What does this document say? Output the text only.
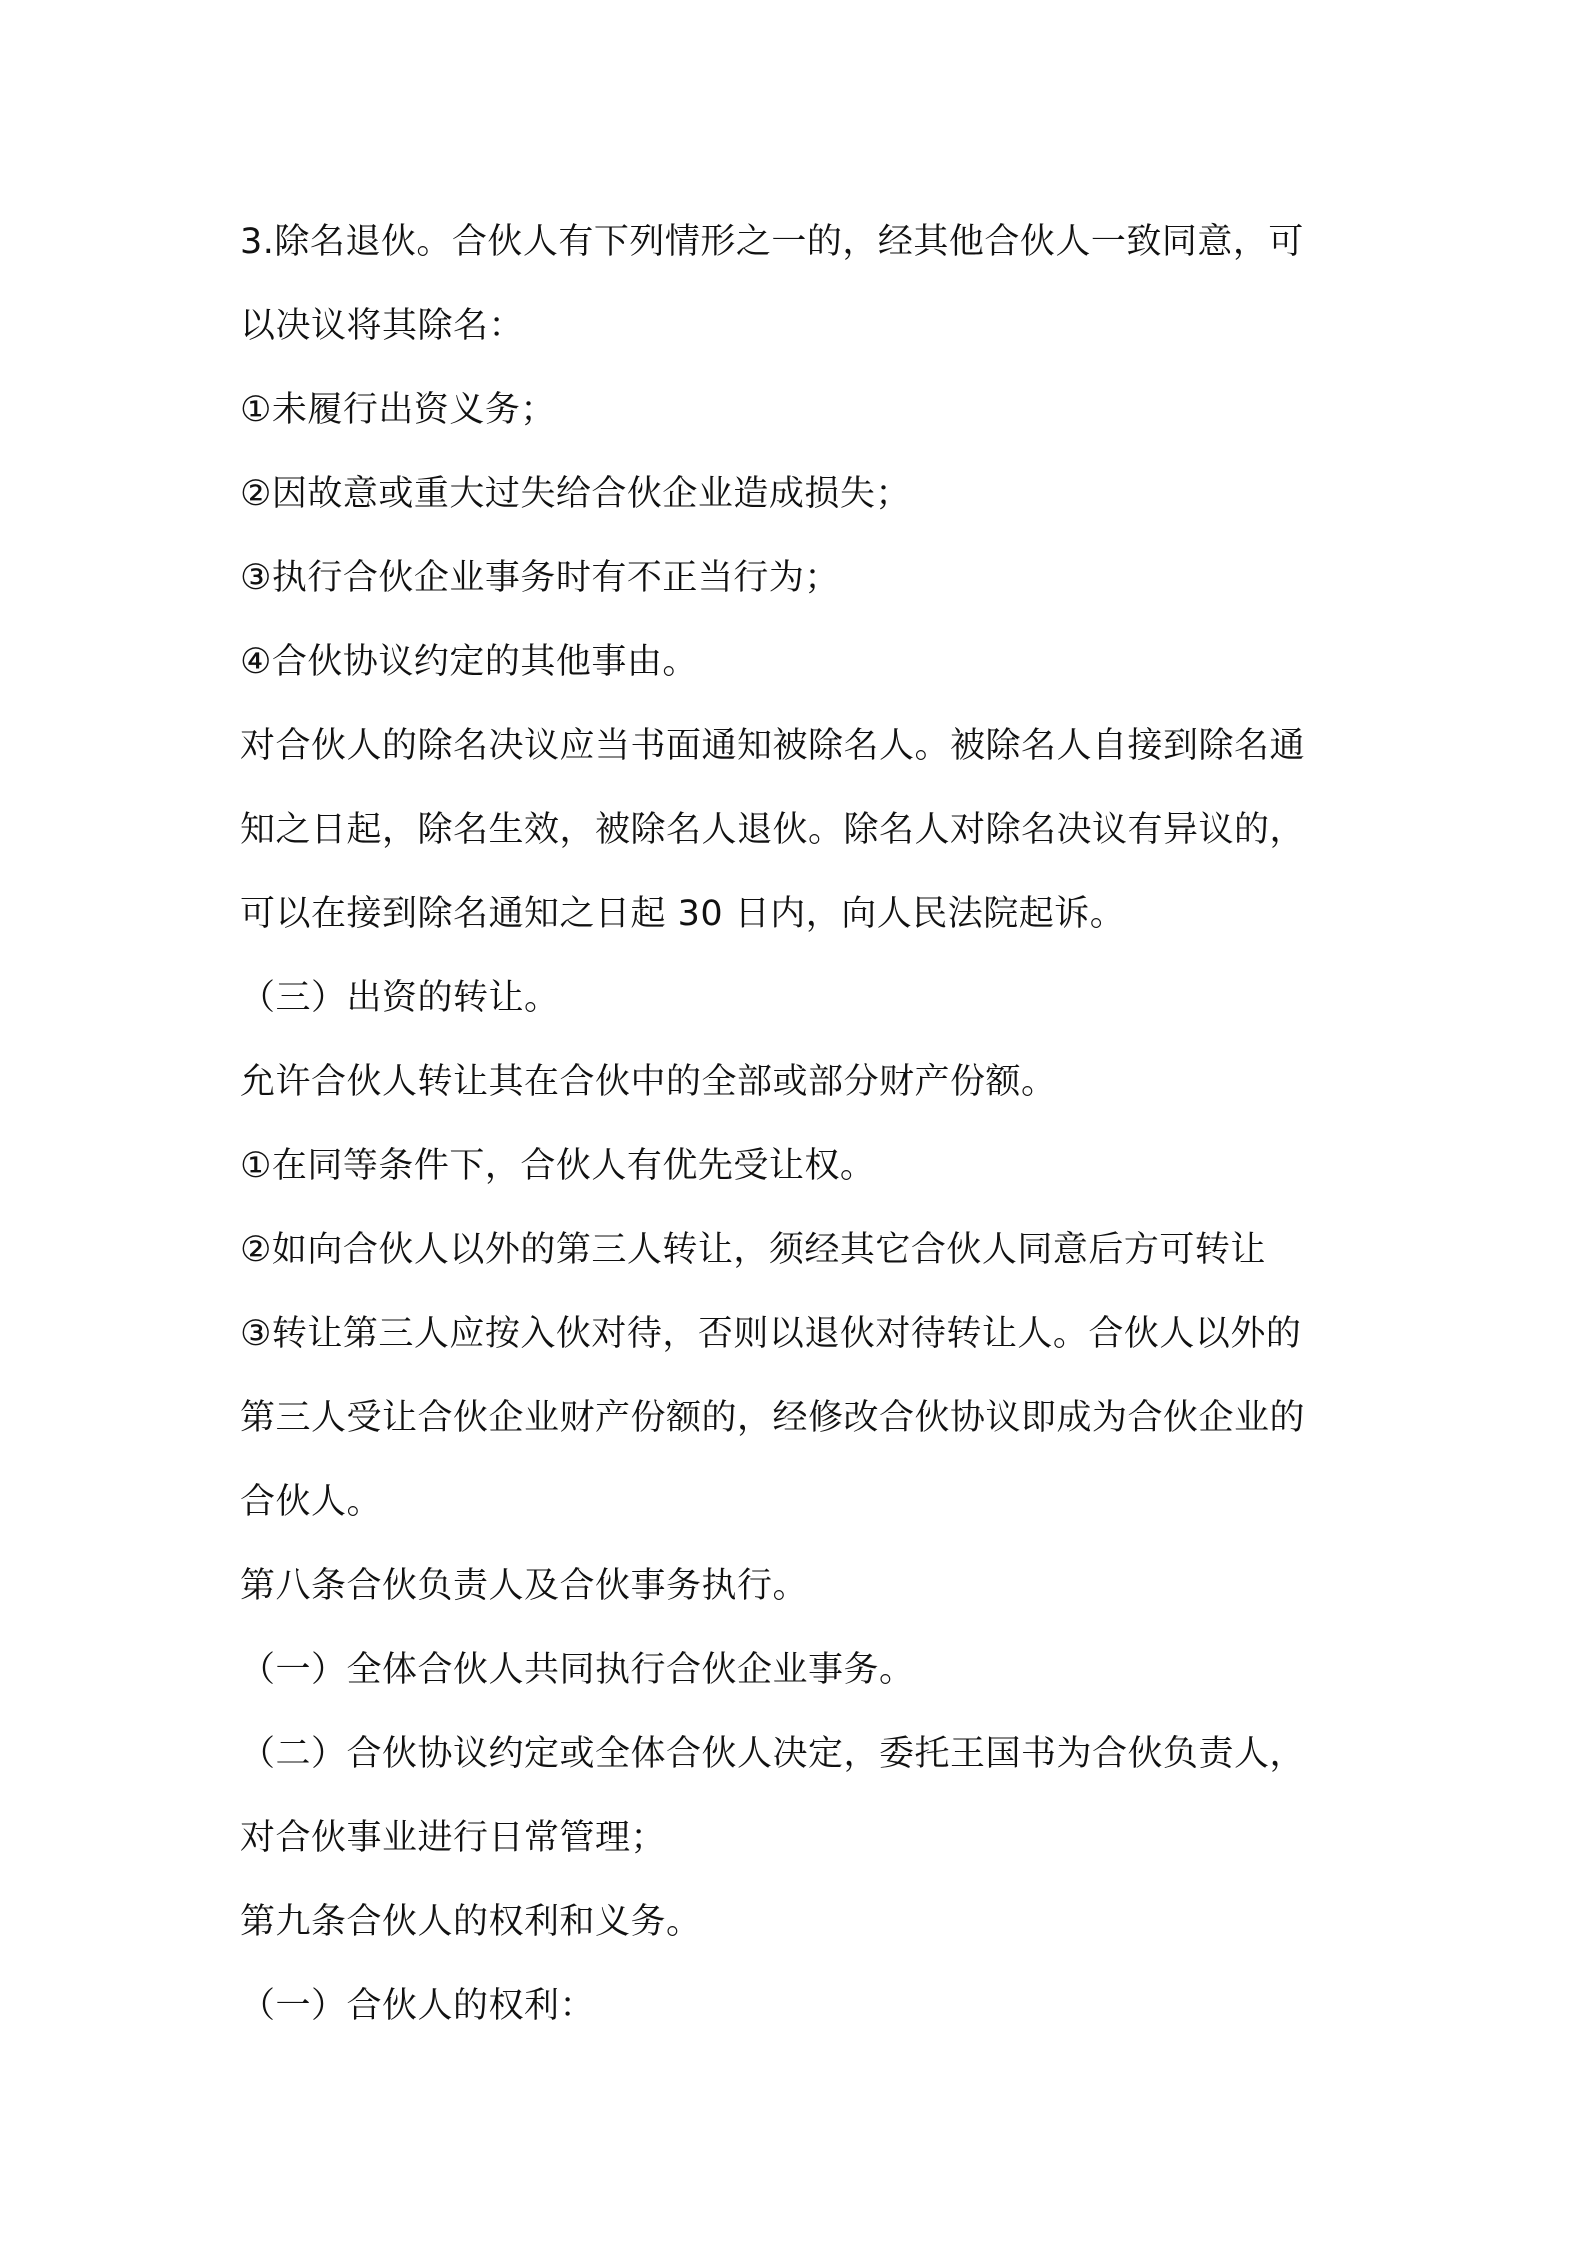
3.除名退伙。合伙人有下列情形之一的，经其他合伙人一致同意，可

以决议将其除名：

①未履行出资义务；

②因故意或重大过失给合伙企业造成损失；

③执行合伙企业事务时有不正当行为；

④合伙协议约定的其他事由。

对合伙人的除名决议应当书面通知被除名人。被除名人自接到除名通

知之日起，除名生效，被除名人退伙。除名人对除名决议有异议的，

可以在接到除名通知之日起 30 日内，向人民法院起诉。

（三）出资的转让。

允许合伙人转让其在合伙中的全部或部分财产份额。

①在同等条件下，合伙人有优先受让权。

②如向合伙人以外的第三人转让，须经其它合伙人同意后方可转让

③转让第三人应按入伙对待，否则以退伙对待转让人。合伙人以外的

第三人受让合伙企业财产份额的，经修改合伙协议即成为合伙企业的

合伙人。

第八条合伙负责人及合伙事务执行。

（一）全体合伙人共同执行合伙企业事务。

（二）合伙协议约定或全体合伙人决定，委托王国书为合伙负责人，

对合伙事业进行日常管理；

第九条合伙人的权利和义务。

（一）合伙人的权利：
